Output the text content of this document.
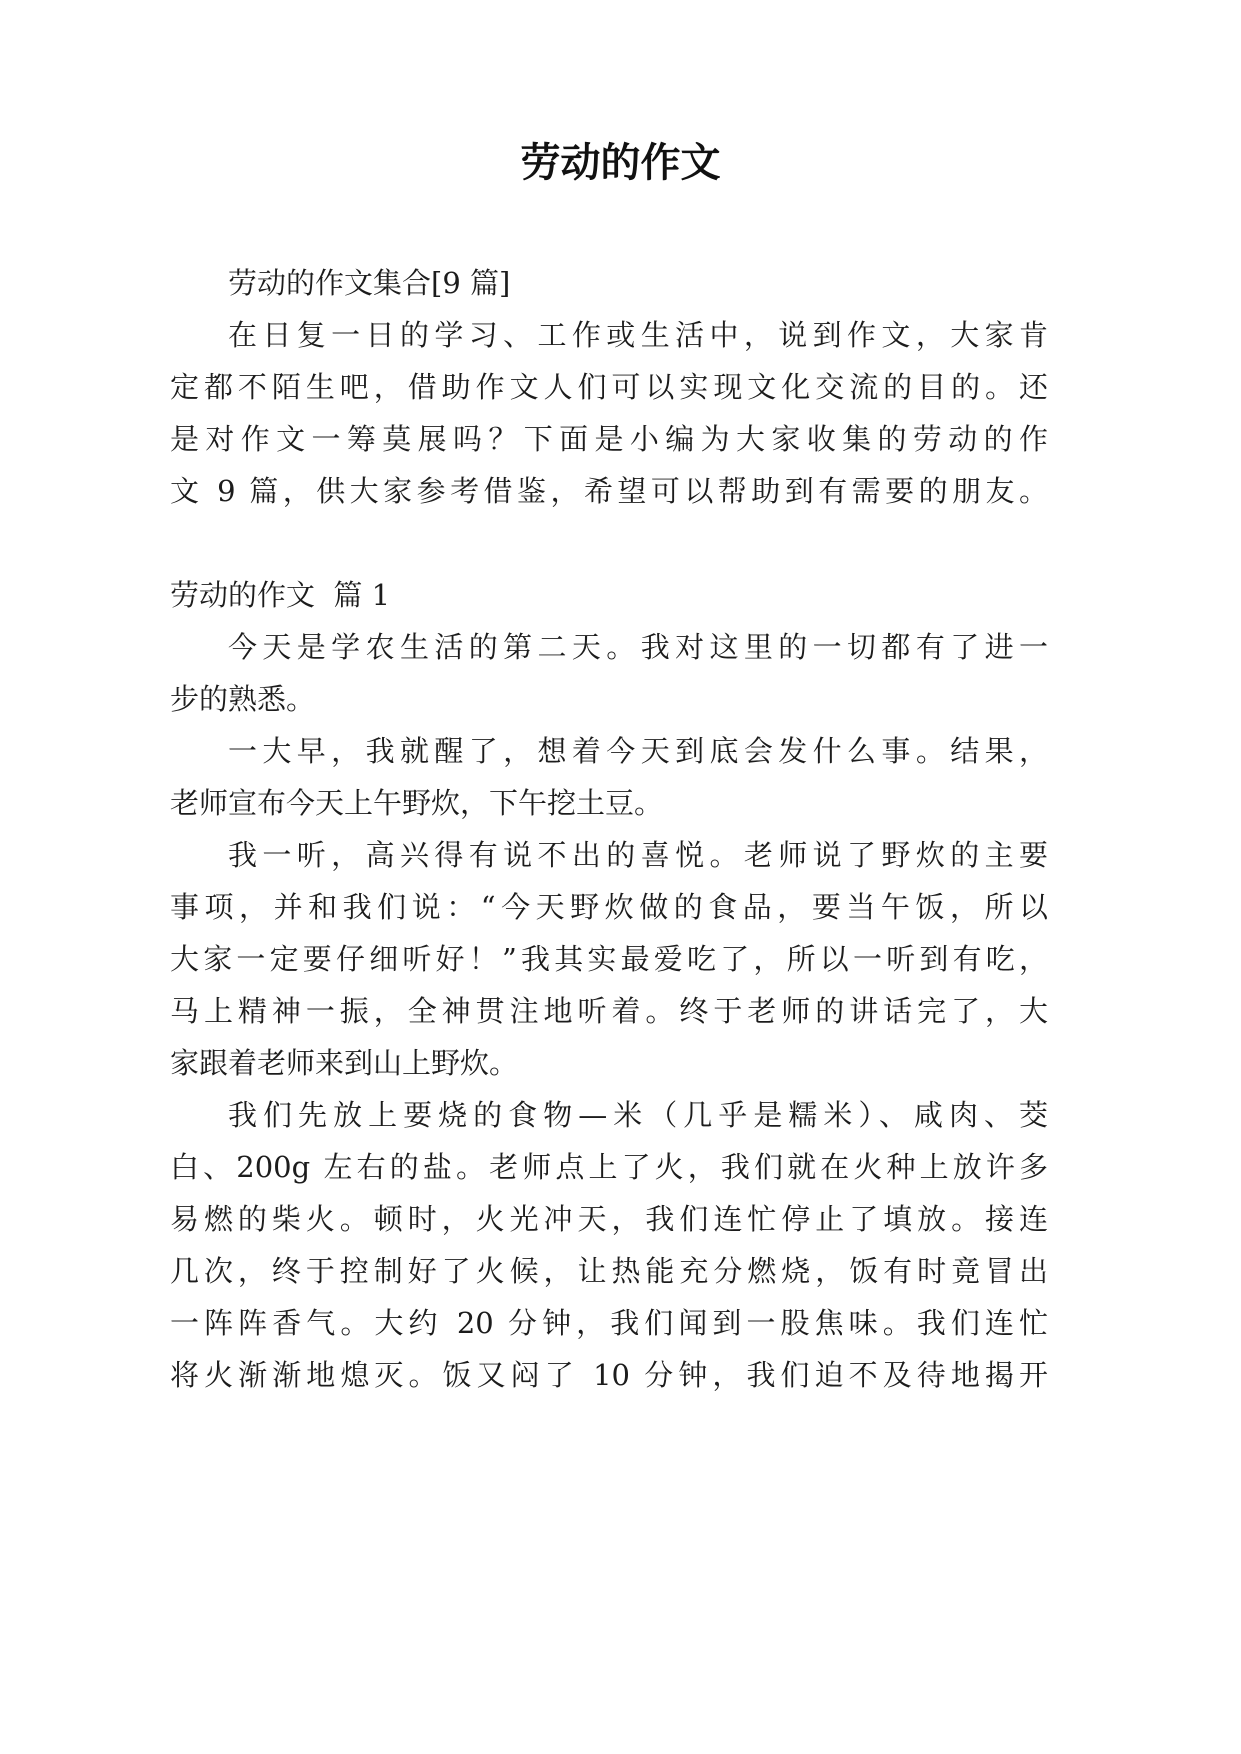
劳动的作文
劳动的作文集合[9 篇]
在日复一日的学习、工作或生活中，说到作文，大家肯
定都不陌生吧，借助作文人们可以实现文化交流的目的。还
是对作文一筹莫展吗？下面是小编为大家收集的劳动的作
文 9 篇，供大家参考借鉴，希望可以帮助到有需要的朋友。
劳动的作文  篇 1
今天是学农生活的第二天。我对这里的一切都有了进一
步的熟悉。
一大早，我就醒了，想着今天到底会发什么事。结果，
老师宣布今天上午野炊，下午挖土豆。
我一听，高兴得有说不出的喜悦。老师说了野炊的主要
事项，并和我们说：“今天野炊做的食品，要当午饭，所以
大家一定要仔细听好！”我其实最爱吃了，所以一听到有吃，
马上精神一振，全神贯注地听着。终于老师的讲话完了，大
家跟着老师来到山上野炊。
我们先放上要烧的食物—米（几乎是糯米）、咸肉、茭
白、200g 左右的盐。老师点上了火，我们就在火种上放许多
易燃的柴火。顿时，火光冲天，我们连忙停止了填放。接连
几次，终于控制好了火候，让热能充分燃烧，饭有时竟冒出
一阵阵香气。大约 20 分钟，我们闻到一股焦味。我们连忙
将火渐渐地熄灭。饭又闷了 10 分钟，我们迫不及待地揭开
